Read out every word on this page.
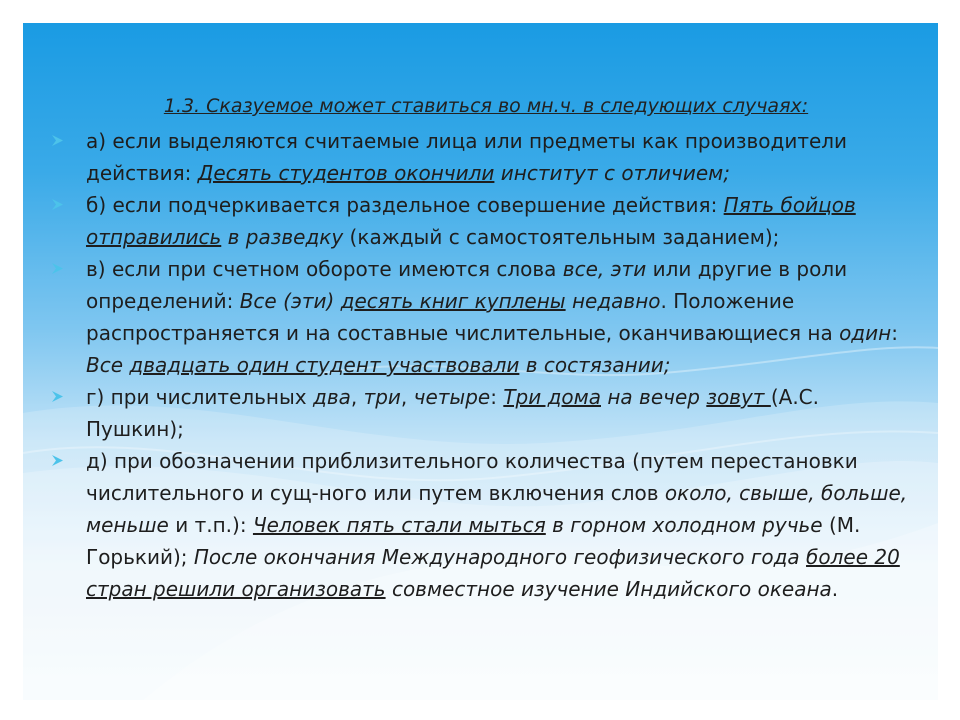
1.3. Сказуемое может ставиться во мн.ч. в следующих случаях:
а) если выделяются считаемые лица или предметы как производители действия: Десять студентов окончили институт с отличием;
б) если подчеркивается раздельное совершение действия: Пять бойцов отправились в разведку (каждый с самостоятельным заданием);
в) если при счетном обороте имеются слова все, эти или другие в роли определений: Все (эти) десять книг куплены недавно. Положение распространяется и на составные числительные, оканчивающиеся на один: Все двадцать один студент участвовали в состязании;
г) при числительных два, три, четыре: Три дома на вечер зовут (А.С. Пушкин);
д) при обозначении приблизительного количества (путем перестановки числительного и сущ-ного или путем включения слов около, свыше, больше, меньше и т.п.): Человек пять стали мыться в горном холодном ручье (М. Горький); После окончания Международного геофизического года более 20 стран решили организовать совместное изучение Индийского океана.
